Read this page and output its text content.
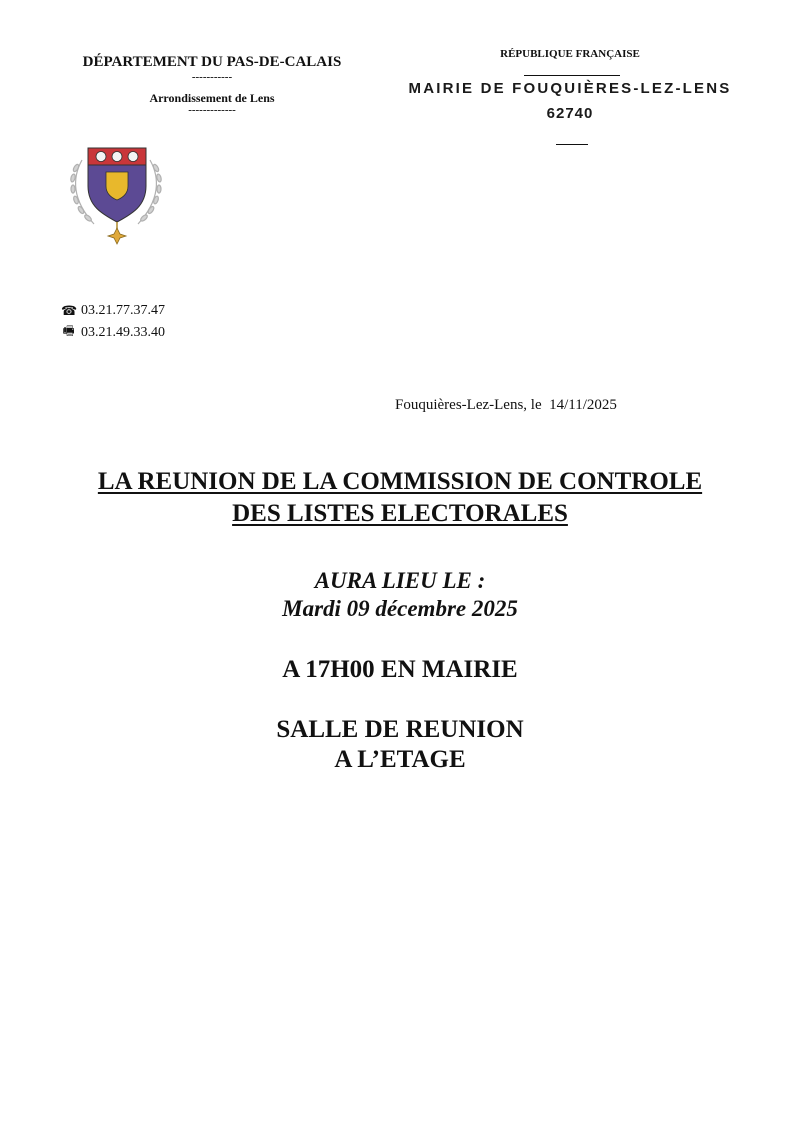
DÉPARTEMENT DU PAS-DE-CALAIS
-----------
Arrondissement de Lens
-------------
RÉPUBLIQUE FRANÇAISE
MAIRIE DE FOUQUIÈRES-LEZ-LENS
62740
☎ 03.21.77.37.47
🖷 03.21.49.33.40
Fouquières-Lez-Lens, le  14/11/2025
LA REUNION DE LA COMMISSION DE CONTROLE
DES LISTES ELECTORALES
AURA LIEU LE :
Mardi 09 décembre 2025
A 17H00 EN MAIRIE
SALLE DE REUNION
A L’ETAGE
